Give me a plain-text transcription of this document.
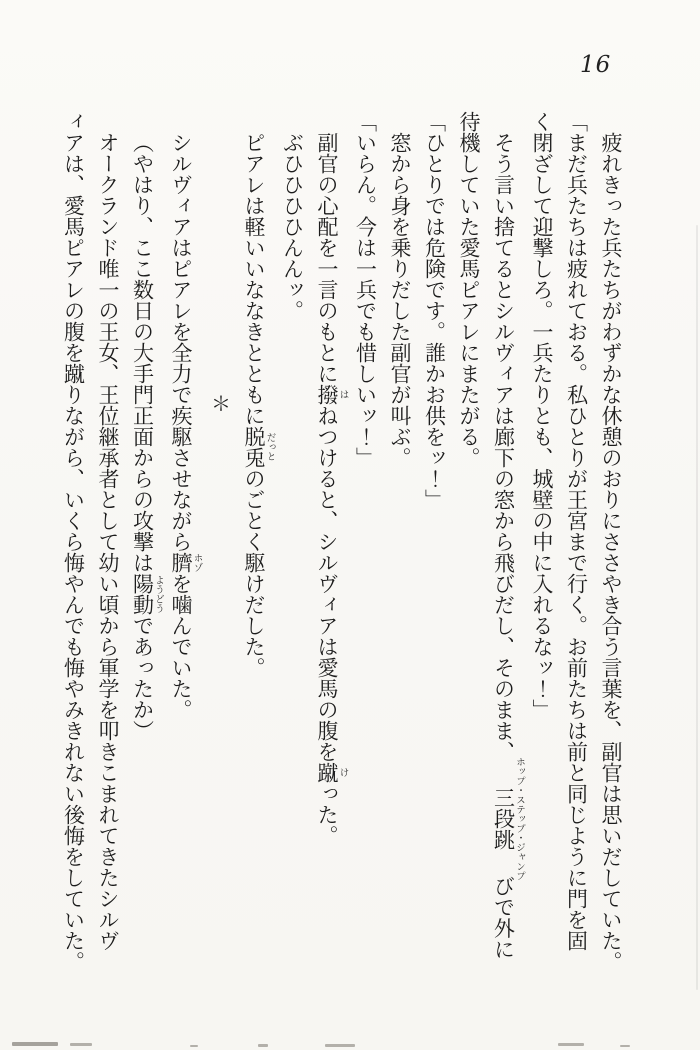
16
疲れきった兵たちがわずかな休憩のおりにささやき合う言葉を、副官は思いだしていた。
「まだ兵たちは疲れておる。私ひとりが王宮まで行く。お前たちは前と同じように門を固
く閉ざして迎撃しろ。一兵たりとも、城壁の中に入れるなッ！」
そう言い捨てるとシルヴィアは廊下の窓から飛びだし、そのまま、三段跳ホップ・ステップ・ジャンプびで外に
待機していた愛馬ピアレにまたがる。
「ひとりでは危険です。誰かお供をッ！」
窓から身を乗りだした副官が叫ぶ。
「いらん。今は一兵でも惜しいッ！」
副官の心配を一言のもとに撥はねつけると、シルヴィアは愛馬の腹を蹴けった。
ぶひひひひんんッ。
ピアレは軽いいななきとともに脱兎だっとのごとく駆けだした。
＊
シルヴィアはピアレを全力で疾駆させながら臍ホゾを噛んでいた。
（やはり、ここ数日の大手門正面からの攻撃は陽動ようどうであったか）
オークランド唯一の王女、王位継承者として幼い頃から軍学を叩きこまれてきたシルヴ
ィアは、愛馬ピアレの腹を蹴りながら、いくら悔やんでも悔やみきれない後悔をしていた。
